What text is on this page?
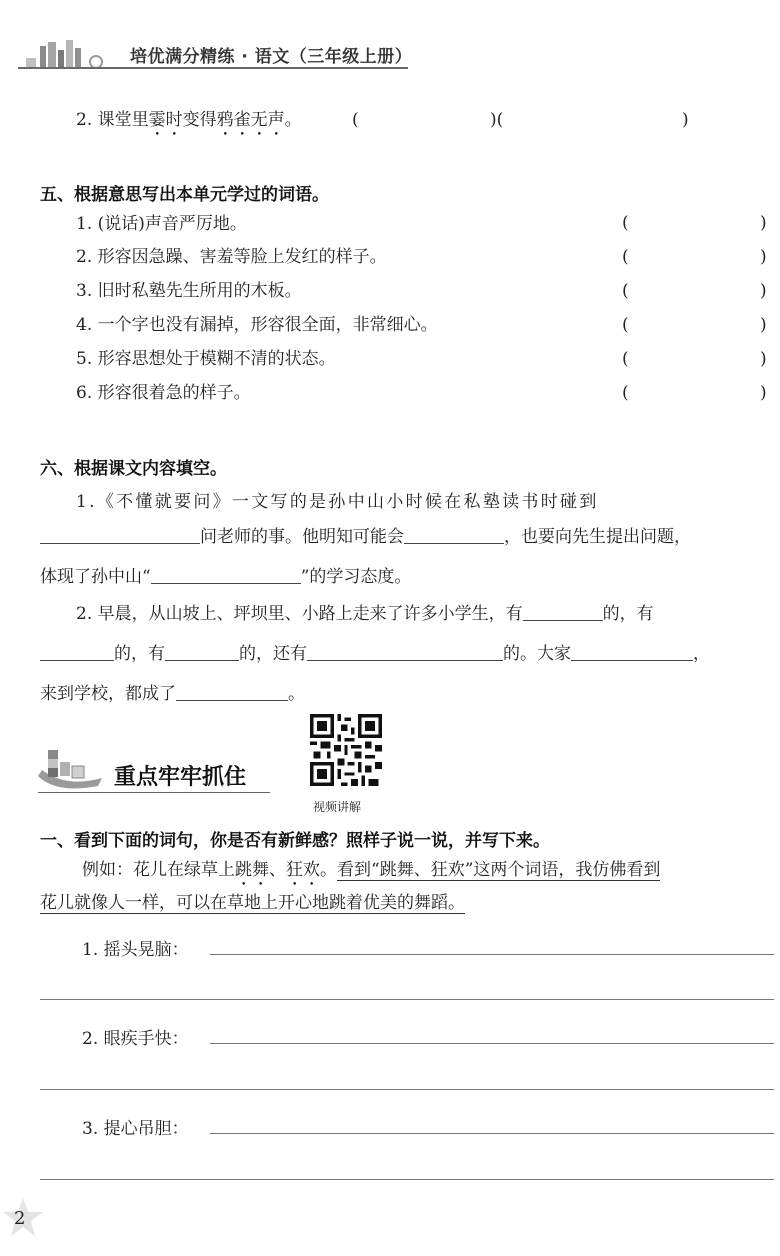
培优满分精练 · 语文（三年级上册）
2. 课堂里霎时变得鸦雀无声。	(	)(	)
五、根据意思写出本单元学过的词语。
1. (说话)声音严厉地。	(	)
2. 形容因急躁、害羞等脸上发红的样子。	(	)
3. 旧时私塾先生所用的木板。	(	)
4. 一个字也没有漏掉，形容很全面，非常细心。	(	)
5. 形容思想处于模糊不清的状态。	(	)
6. 形容很着急的样子。	(	)
六、根据课文内容填空。
1.《不懂就要问》一文写的是孙中山小时候在私塾读书时碰到
问老师的事。他明知可能会	，也要向先生提出问题，
体现了孙中山“	”的学习态度。
2. 早晨，从山坡上、坪坝里、小路上走来了许多小学生，有	的，有
的，有	的，还有	的。大家	，
来到学校，都成了	。
重点牢牢抓住
视频讲解
一、看到下面的词句，你是否有新鲜感？照样子说一说，并写下来。
例如：花儿在绿草上跳舞、狂欢。看到“跳舞、狂欢”这两个词语，我仿佛看到
花儿就像人一样，可以在草地上开心地跳着优美的舞蹈。
1. 摇头晃脑：
2. 眼疾手快：
3. 提心吊胆：
2
